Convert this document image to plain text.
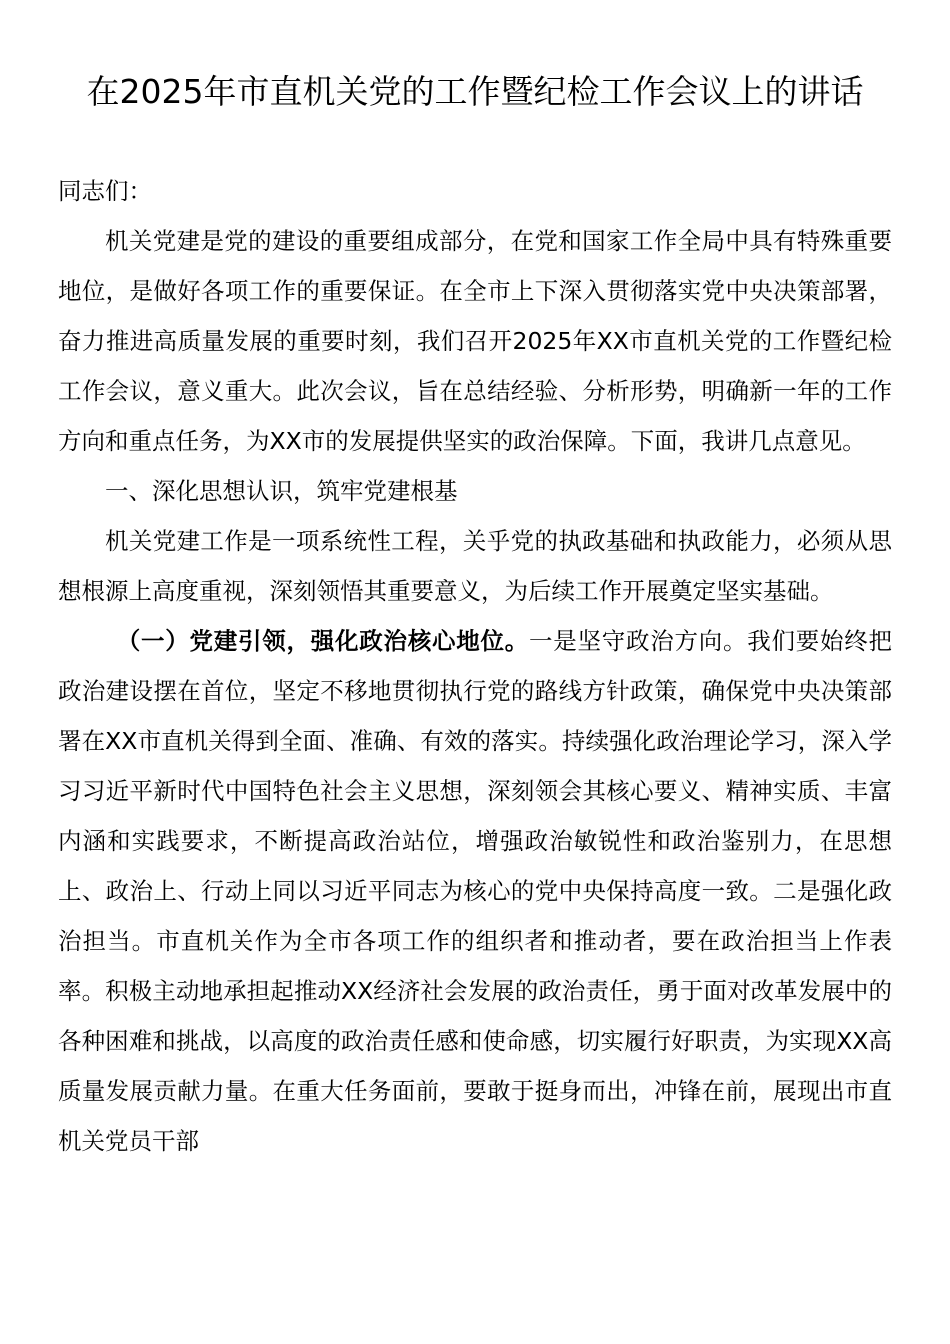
在2025年市直机关党的工作暨纪检工作会议上的讲话

同志们：

机关党建是党的建设的重要组成部分，在党和国家工作全局中具有特殊重要地位，是做好各项工作的重要保证。在全市上下深入贯彻落实党中央决策部署，奋力推进高质量发展的重要时刻，我们召开2025年XX市直机关党的工作暨纪检工作会议，意义重大。此次会议，旨在总结经验、分析形势，明确新一年的工作方向和重点任务，为XX市的发展提供坚实的政治保障。下面，我讲几点意见。

一、深化思想认识，筑牢党建根基

机关党建工作是一项系统性工程，关乎党的执政基础和执政能力，必须从思想根源上高度重视，深刻领悟其重要意义，为后续工作开展奠定坚实基础。

（一）党建引领，强化政治核心地位。一是坚守政治方向。我们要始终把政治建设摆在首位，坚定不移地贯彻执行党的路线方针政策，确保党中央决策部署在XX市直机关得到全面、准确、有效的落实。持续强化政治理论学习，深入学习习近平新时代中国特色社会主义思想，深刻领会其核心要义、精神实质、丰富内涵和实践要求，不断提高政治站位，增强政治敏锐性和政治鉴别力，在思想上、政治上、行动上同以习近平同志为核心的党中央保持高度一致。二是强化政治担当。市直机关作为全市各项工作的组织者和推动者，要在政治担当上作表率。积极主动地承担起推动XX经济社会发展的政治责任，勇于面对改革发展中的各种困难和挑战，以高度的政治责任感和使命感，切实履行好职责，为实现XX高质量发展贡献力量。在重大任务面前，要敢于挺身而出，冲锋在前，展现出市直机关党员干部
